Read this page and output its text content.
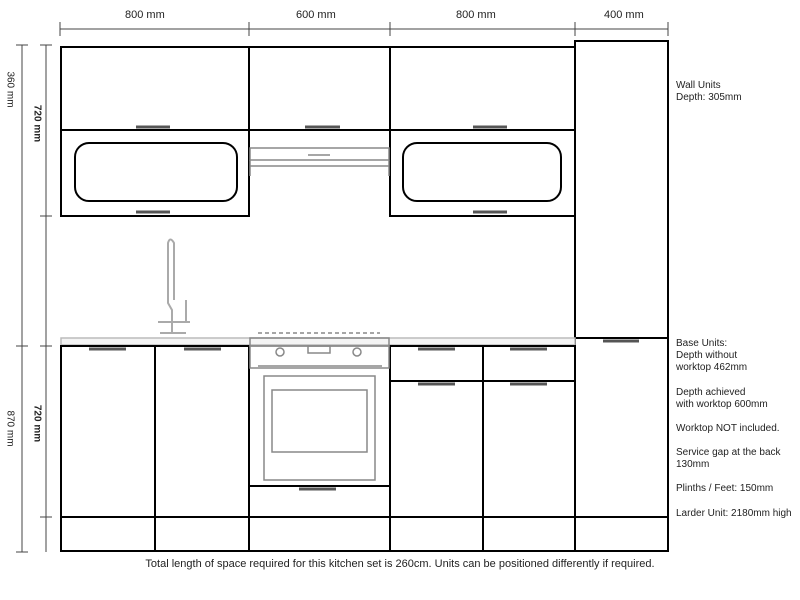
800 mm	600 mm	800 mm	400 mm
360 mm
870 mm
720 mm
720 mm
Wall Units
Depth: 305mm
Base Units:
Depth without
worktop 462mm
Depth achieved
with worktop 600mm
Worktop NOT included.
Service gap at the back
130mm
Plinths / Feet: 150mm
Larder Unit: 2180mm high
Total length of space required for this kitchen set is 260cm. Units can be positioned differently if required.
